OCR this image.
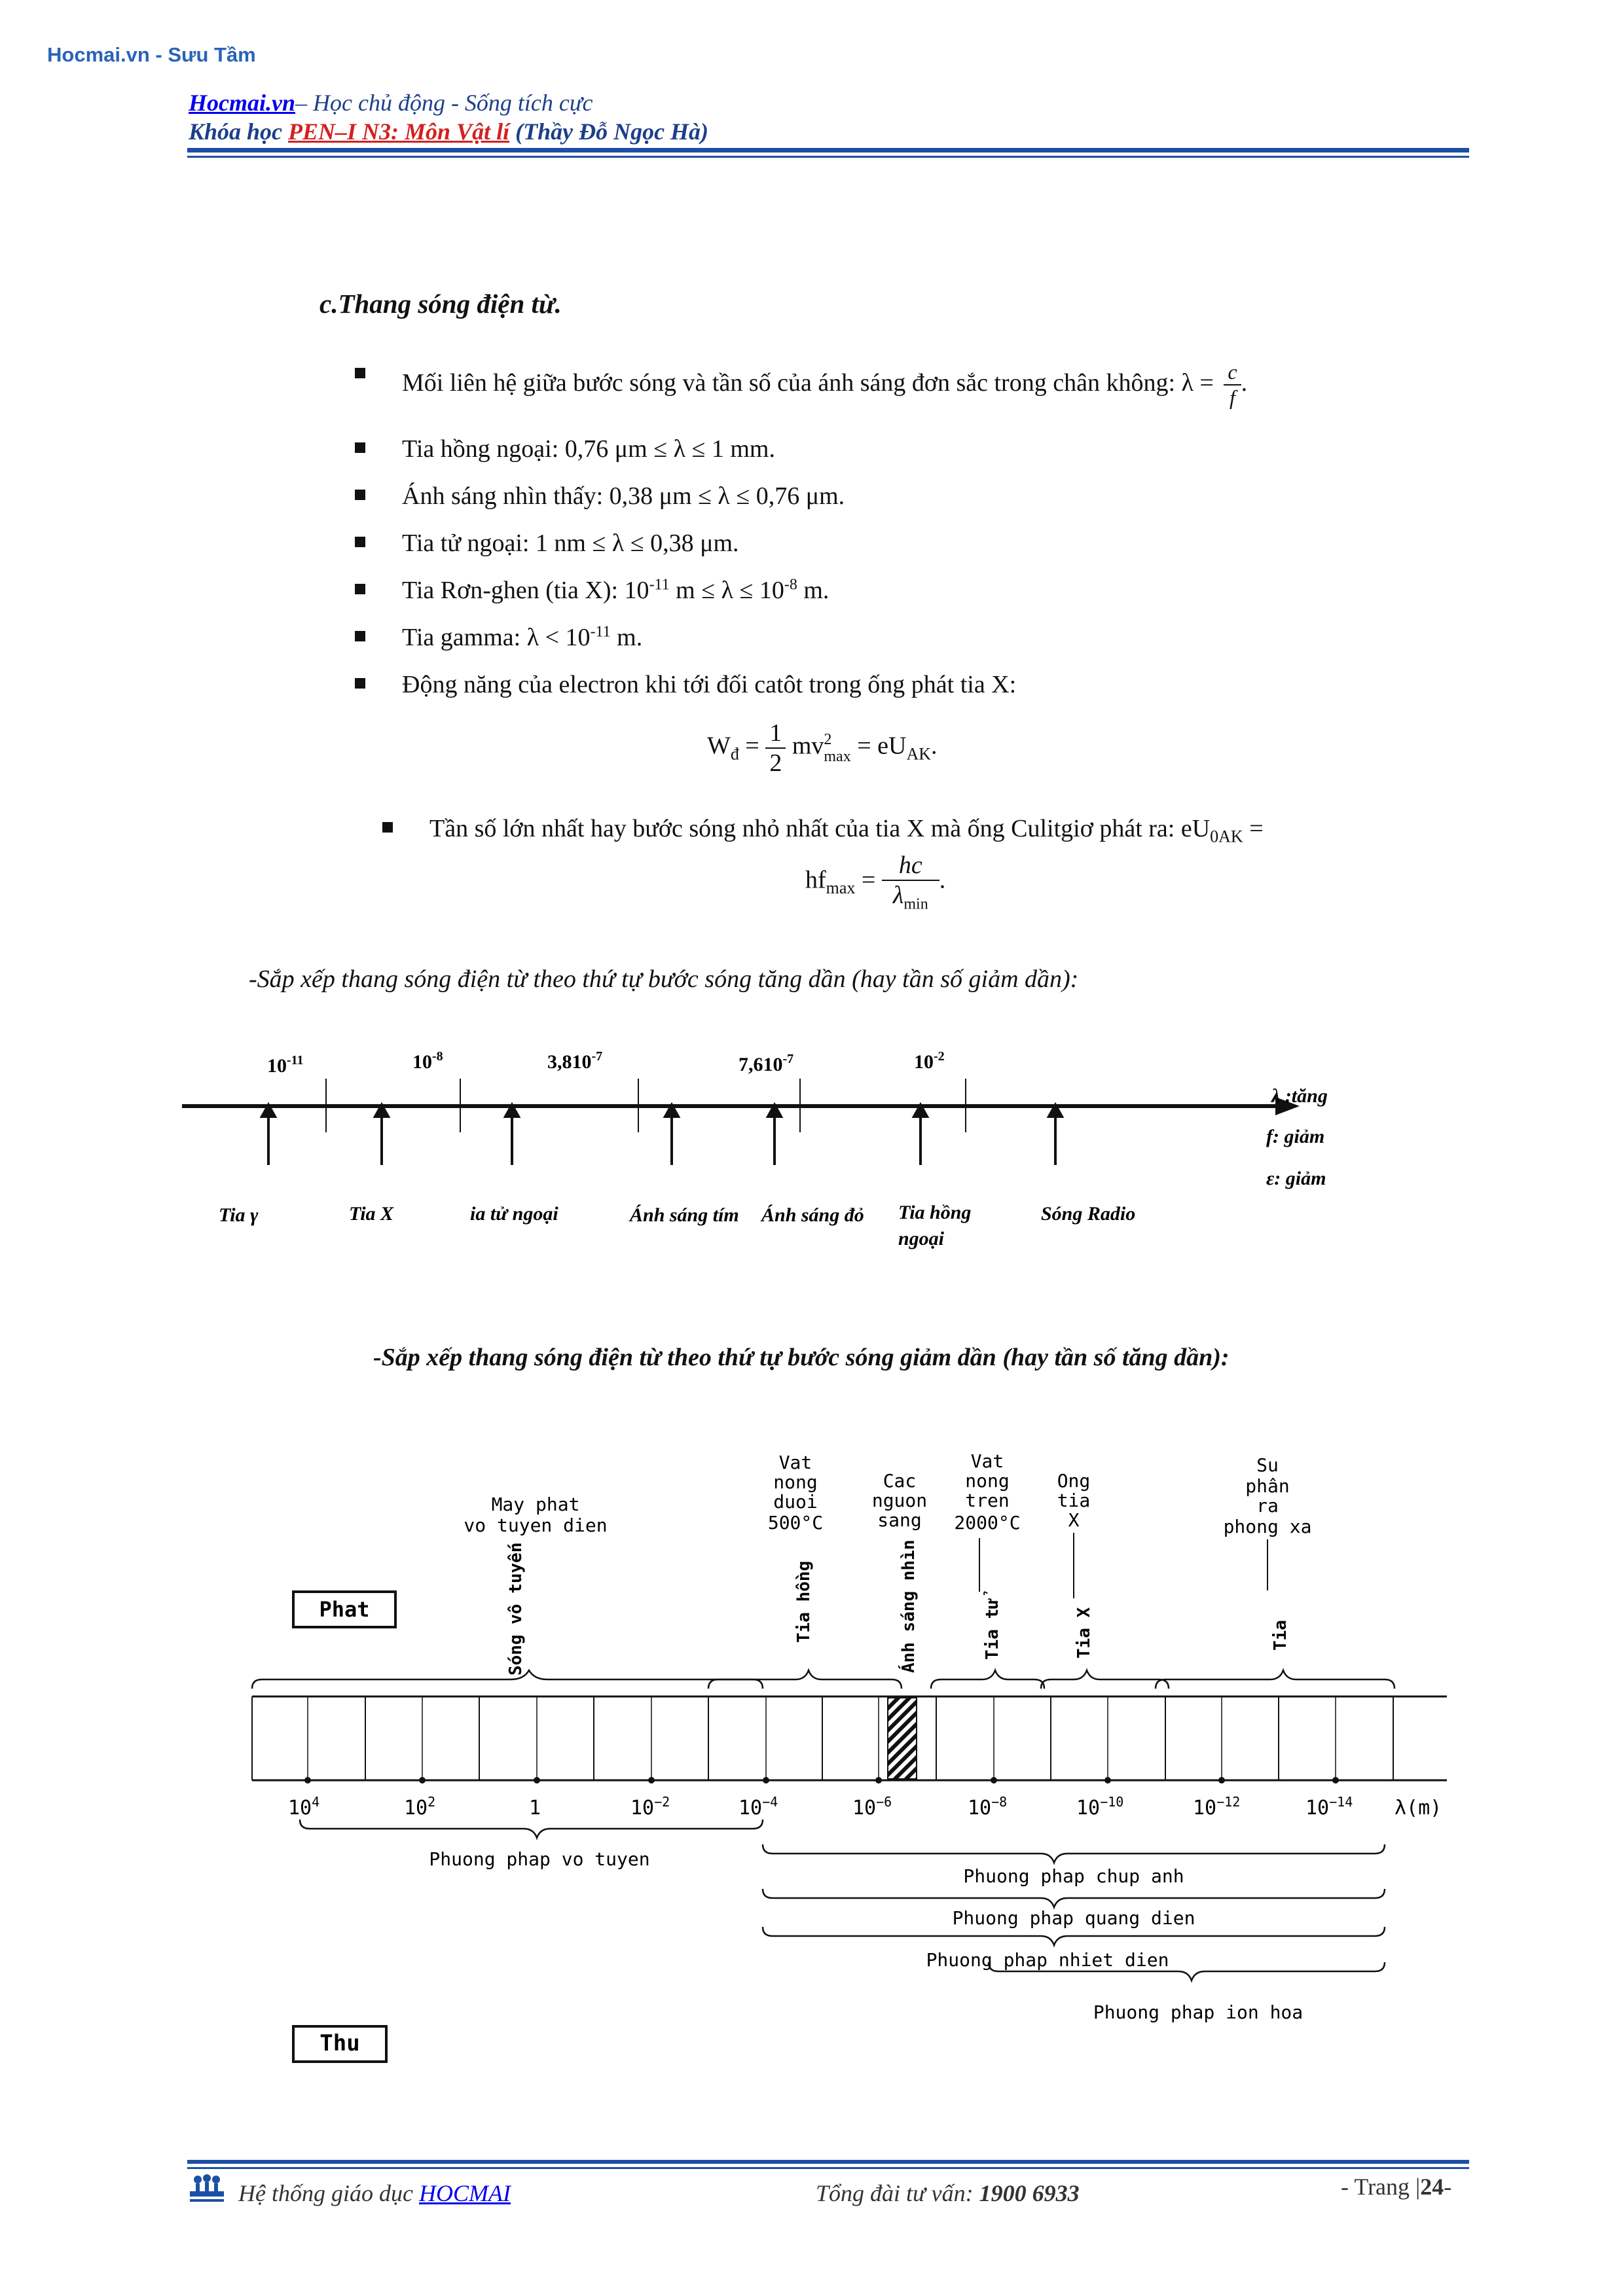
Hocmai.vn - Sưu Tầm
Hocmai.vn– Học chủ động - Sống tích cực
Khóa học PEN–I N3: Môn Vật lí (Thầy Đỗ Ngọc Hà)
c.Thang sóng điện từ.
Mối liên hệ giữa bước sóng và tần số của ánh sáng đơn sắc trong chân không: $\lambda = \frac{c}{f}$ .
Tia hồng ngoại: 0,76 μm ≤ λ ≤ 1 mm.
Ánh sáng nhìn thấy: 0,38 μm ≤ λ ≤ 0,76 μm.
Tia tử ngoại: 1 nm ≤ λ ≤ 0,38 μm.
Tia Rơn-ghen (tia X): $10^{-11}$ $m \le \lambda \le 10^{-8}$ m.
Tia gamma: $\lambda < 10^{-11}$ m.
Động năng của electron khi tới đối catôt trong ống phát tia X:
$W_đ = \frac{1}{2}$ mv 2
$\max = eU_{AK}$.
Tần số lớn nhất hay bước sóng nhỏ nhất của tia X mà ống Culitgiơ phát ra: $eU_{0AK}$ =
$hf_{max} = \frac{hc}{\lambda_{min}}$ .
-Sắp xếp thang sóng điện từ theo thứ tự bước sóng tăng dần (hay tần số giảm dần):
$10^{-11}$	$10^{-8}$	$3,810^{-7}$	$7,610^{-7}$	$10^{-2}$
λ :tăng
f: giảm
ε: giảm
Tia γ	Tia X	ia tử ngoại	Ánh sáng tím Ánh sáng đỏ Tia hồng
ngoại
Sóng Radio
-Sắp xếp thang sóng điện từ theo thứ tự bước sóng giảm dần (hay tần số tăng dần):
Phat
Thu
May phat
vo tuyen dien
Vat
nong
duoi
500°C
Cac
nguon
sang
Vat
nong
tren
2000°C
Ong
tia
X
Su
phân
ra
phong xa
Sóng vô tuyến	Tia hồng	Ánh sáng nhìn	Tia tử	Tia X	Tia
$10^4$	$10^2$	1	$10^{-2}$	$10^{-4}$	$10^{-6}$	$10^{-8}$	$10^{-10}$	$10^{-12}$	$10^{-14}$ λ(m)
Phuong phap vo tuyen
Phuong phap chup anh
Phuong phap quang dien
Phuong phap nhiet dien
Phuong phap ion hoa
Hệ thống giáo dục HOCMAI	Tổng đài tư vấn: 1900 6933	- Trang |24-
